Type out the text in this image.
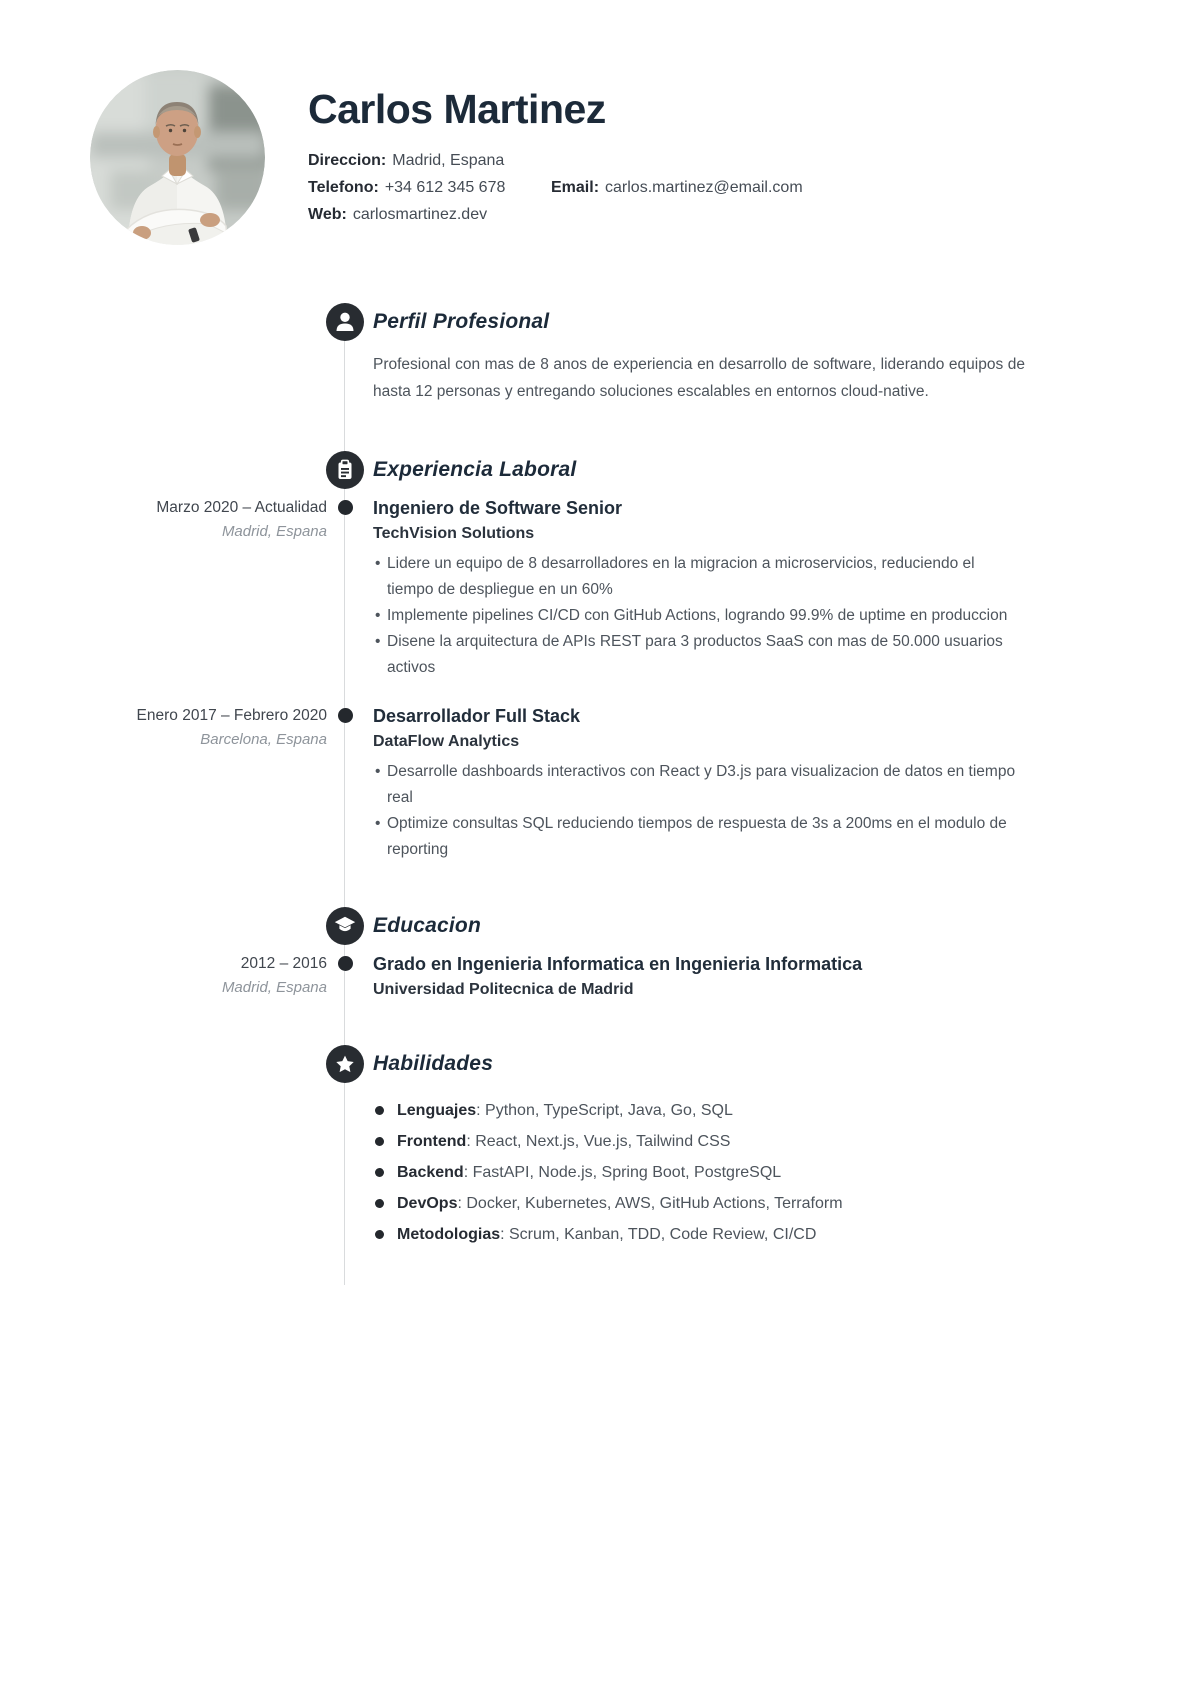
Carlos Martinez
Direccion: Madrid, Espana
Telefono: +34 612 345 678	Email: carlos.martinez@email.com
Web: carlosmartinez.dev
Perfil Profesional

Profesional con mas de 8 anos de experiencia en desarrollo de software, liderando equipos de hasta 12 personas y entregando soluciones escalables en entornos cloud-native.

Experiencia Laboral
Marzo 2020 – Actualidad
Madrid, Espana
Ingeniero de Software Senior
TechVision Solutions
• Lidere un equipo de 8 desarrolladores en la migracion a microservicios, reduciendo el tiempo de despliegue en un 60%
• Implemente pipelines CI/CD con GitHub Actions, logrando 99.9% de uptime en produccion
• Disene la arquitectura de APIs REST para 3 productos SaaS con mas de 50.000 usuarios activos
Enero 2017 – Febrero 2020
Barcelona, Espana
Desarrollador Full Stack
DataFlow Analytics
• Desarrolle dashboards interactivos con React y D3.js para visualizacion de datos en tiempo real
• Optimize consultas SQL reduciendo tiempos de respuesta de 3s a 200ms en el modulo de reporting
Educacion
2012 – 2016
Madrid, Espana
Grado en Ingenieria Informatica en Ingenieria Informatica
Universidad Politecnica de Madrid
Habilidades
Lenguajes : Python, TypeScript, Java, Go, SQL
Frontend : React, Next.js, Vue.js, Tailwind CSS
Backend : FastAPI, Node.js, Spring Boot, PostgreSQL
DevOps : Docker, Kubernetes, AWS, GitHub Actions, Terraform
Metodologias : Scrum, Kanban, TDD, Code Review, CI/CD
